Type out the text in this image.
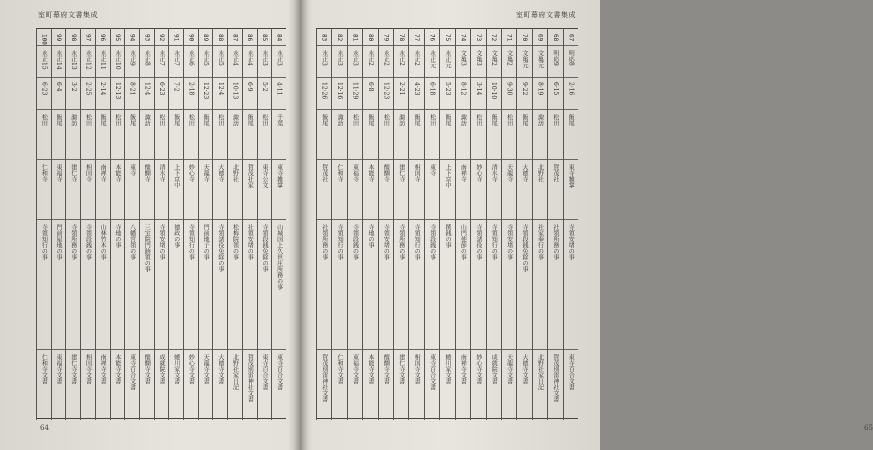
室町幕府文書集成
84
永正3
4·11
千葉
東寺雑掌
山城国上久世庄所務の事
東寺百合文書
85
永正3
5·2
松田
東寺公文
寺領段銭免除の事
東寺百合文書
86
永正4
6·9
飯尾
賀茂社家
社領安堵の事
賀茂別雷神社文書
87
永正4
10·13
諏訪
北野社
松梅院領の事
北野社家日記
88
永正5
12·4
松田
大徳寺
寺領諸役免除の事
大徳寺文書
89
永正5
12·23
飯尾
天龍寺
門前地子の事
天龍寺文書
90
永正6
2·18
松田
妙心寺
寺領知行の事
妙心寺文書
91
永正7
7·2
飯尾
上下京中
徳政の事
蜷川家文書
92
永正7
6·23
松田
清水寺
寺領安堵の事
成就院文書
93
永正8
12·4
諏訪
醍醐寺
三宝院門跡領の事
醍醐寺文書
94
永正9
8·21
飯尾
東寺
八幡宮領の事
東寺百合文書
95
永正10
12·13
松田
本能寺
寺地の事
本能寺文書
96
永正11
2·14
飯尾
南禅寺
山林竹木の事
南禅寺文書
97
永正12
2·25
松田
相国寺
寺領段銭の事
相国寺文書
98
永正13
3·2
諏訪
建仁寺
寺領所務の事
建仁寺文書
99
永正14
6·4
飯尾
東福寺
門前屋地の事
東福寺文書
100
永正15
6·23
松田
仁和寺
寺領知行の事
仁和寺文書
64
室町幕府文書集成
67
明応8
2·16
飯尾
東寺雑掌
寺領安堵の事
東寺百合文書
68
明応9
6·15
松田
賀茂社
社領所務の事
賀茂別雷神社文書
69
文亀元
8·19
諏訪
北野社
社家奉行の事
北野社家日記
70
文亀元
9·22
飯尾
大徳寺
寺領段銭免除の事
大徳寺文書
71
文亀2
9·30
松田
天龍寺
寺領安堵の事
天龍寺文書
72
文亀2
10·10
飯尾
清水寺
寺領知行の事
成就院文書
73
文亀3
3·14
松田
妙心寺
寺領諸役の事
妙心寺文書
74
文亀3
8·12
諏訪
南禅寺
山門使節の事
南禅寺文書
75
永正元
5·23
飯尾
上下京中
撰銭の事
蜷川家文書
76
永正元
6·18
松田
東寺
寺領段銭の事
東寺百合文書
77
永正2
4·23
飯尾
相国寺
寺領知行の事
相国寺文書
78
永正2
2·21
諏訪
建仁寺
寺領所務の事
建仁寺文書
79
永正2
12·23
松田
醍醐寺
寺領安堵の事
醍醐寺文書
80
永正2
6·8
飯尾
本能寺
寺地の事
本能寺文書
81
永正3
11·29
松田
東福寺
寺領段銭の事
東福寺文書
82
永正3
12·16
諏訪
仁和寺
寺領知行の事
仁和寺文書
83
永正3
12·26
飯尾
賀茂社
社領所務の事
賀茂別雷神社文書
65
